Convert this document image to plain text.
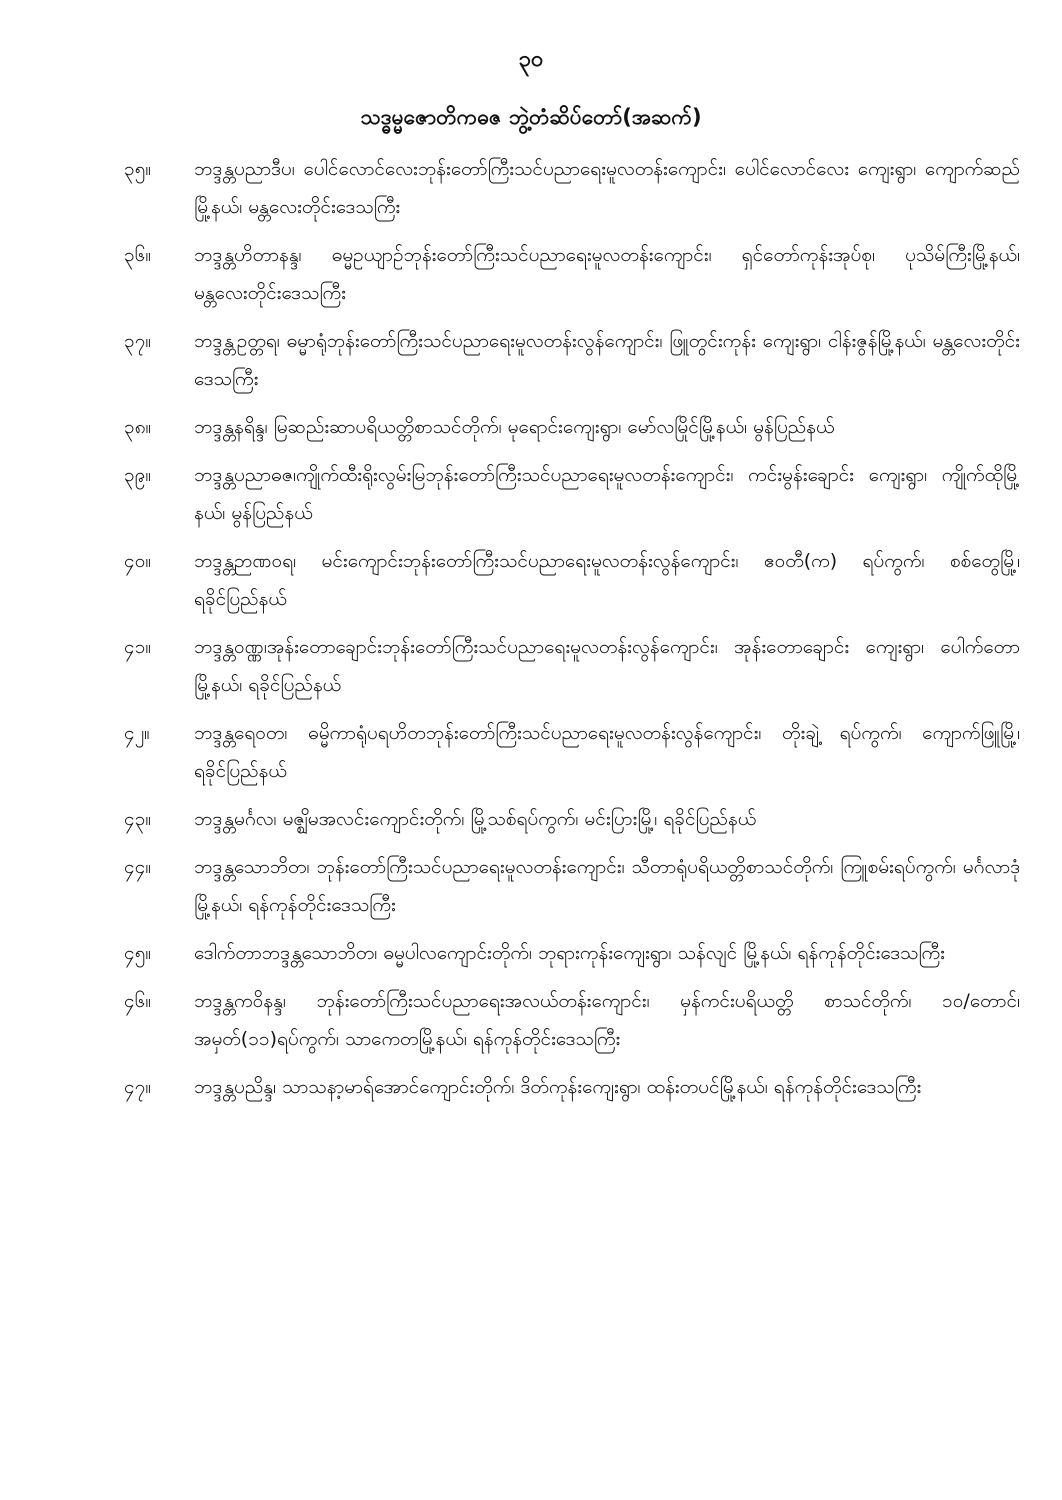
၃၀
သဒ္ဓမ္မဇောတိကဓဇ ဘွဲ့တံဆိပ်တော်(အဆက်)
၃၅။	ဘဒ္ဒန္တပညာဒီပ၊ ပေါင်လောင်လေးဘုန်းတော်ကြီးသင်ပညာရေးမူလတန်းကျောင်း၊ ပေါင်လောင်လေး ကျေးရွာ၊ ကျောက်ဆည်မြို့နယ်၊ မန္တလေးတိုင်းဒေသကြီး
၃၆။	ဘဒ္ဒန္တဟိတာနန္ဒ၊ ဓမ္မဥယျာဉ်ဘုန်းတော်ကြီးသင်ပညာရေးမူလတန်းကျောင်း၊ ရှင်တော်ကုန်းအုပ်စု၊ ပုသိမ်ကြီးမြို့နယ်၊ မန္တလေးတိုင်းဒေသကြီး
၃၇။	ဘဒ္ဒန္တဥတ္တရ၊ ဓမ္မာရုံဘုန်းတော်ကြီးသင်ပညာရေးမူလတန်းလွန်ကျောင်း၊ ဖြူတွင်းကုန်း ကျေးရွာ၊ ငါန်းဇွန်မြို့နယ်၊ မန္တလေးတိုင်းဒေသကြီး
၃၈။	ဘဒ္ဒန္တနရိန္ဒ၊ မြဆည်းဆာပရိယတ္တိစာသင်တိုက်၊ မုရောင်းကျေးရွာ၊ မော်လမြိုင်မြို့နယ်၊ မွန်ပြည်နယ်
၃၉။	ဘဒ္ဒန္တပညာဓဇ၊ကျိုက်ထီးရိုးလွမ်းမြဘုန်းတော်ကြီးသင်ပညာရေးမူလတန်းကျောင်း၊ ကင်းမွန်းချောင်း ကျေးရွာ၊ ကျိုက်ထိုမြို့နယ်၊ မွန်ပြည်နယ်
၄၀။	ဘဒ္ဒန္တဉာဏဝရ၊ မင်းကျောင်းဘုန်းတော်ကြီးသင်ပညာရေးမူလတန်းလွန်ကျောင်း၊ ဧဝတီ(က) ရပ်ကွက်၊ စစ်တွေမြို့၊ ရခိုင်ပြည်နယ်
၄၁။	ဘဒ္ဒန္တဝဏ္ဏ၊အုန်းတောချောင်းဘုန်းတော်ကြီးသင်ပညာရေးမူလတန်းလွန်ကျောင်း၊ အုန်းတောချောင်း ကျေးရွာ၊ ပေါက်တောမြို့နယ်၊ ရခိုင်ပြည်နယ်
၄၂။	ဘဒ္ဒန္တရေဝတ၊ ဓမ္မိကာရုံပရဟိတဘုန်းတော်ကြီးသင်ပညာရေးမူလတန်းလွန်ကျောင်း၊ တိုးချဲ့ ရပ်ကွက်၊ ကျောက်ဖြူမြို့၊ ရခိုင်ပြည်နယ်
၄၃။	ဘဒ္ဒန္တမင်္ဂလ၊ မဇ္ဈိမအလင်းကျောင်းတိုက်၊ မြို့သစ်ရပ်ကွက်၊ မင်းပြားမြို့၊ ရခိုင်ပြည်နယ်
၄၄။	ဘဒ္ဒန္တသောဘိတ၊ ဘုန်းတော်ကြီးသင်ပညာရေးမူလတန်းကျောင်း၊ သီတာရုံပရိယတ္တိစာသင်တိုက်၊ ကြူစမ်းရပ်ကွက်၊ မင်္ဂလာဒုံမြို့နယ်၊ ရန်ကုန်တိုင်းဒေသကြီး
၄၅။	ဒေါက်တာဘဒ္ဒန္တသောဘိတ၊ ဓမ္မပါလကျောင်းတိုက်၊ ဘုရားကုန်းကျေးရွာ၊ သန်လျင် မြို့နယ်၊ ရန်ကုန်တိုင်းဒေသကြီး
၄၆။	ဘဒ္ဒန္တကဝိနန္ဒ၊ ဘုန်းတော်ကြီးသင်ပညာရေးအလယ်တန်းကျောင်း၊ မှန်ကင်းပရိယတ္တိ စာသင်တိုက်၊ ၁၀/တောင်၊ အမှတ်(၁၁)ရပ်ကွက်၊ သာကေတမြို့နယ်၊ ရန်ကုန်တိုင်းဒေသကြီး
၄၇။	ဘဒ္ဒန္တပညိန္ဒ၊ သာသနာ့မာရ်အောင်ကျောင်းတိုက်၊ ဒိတ်ကုန်းကျေးရွာ၊ ထန်းတပင်မြို့နယ်၊ ရန်ကုန်တိုင်းဒေသကြီး
